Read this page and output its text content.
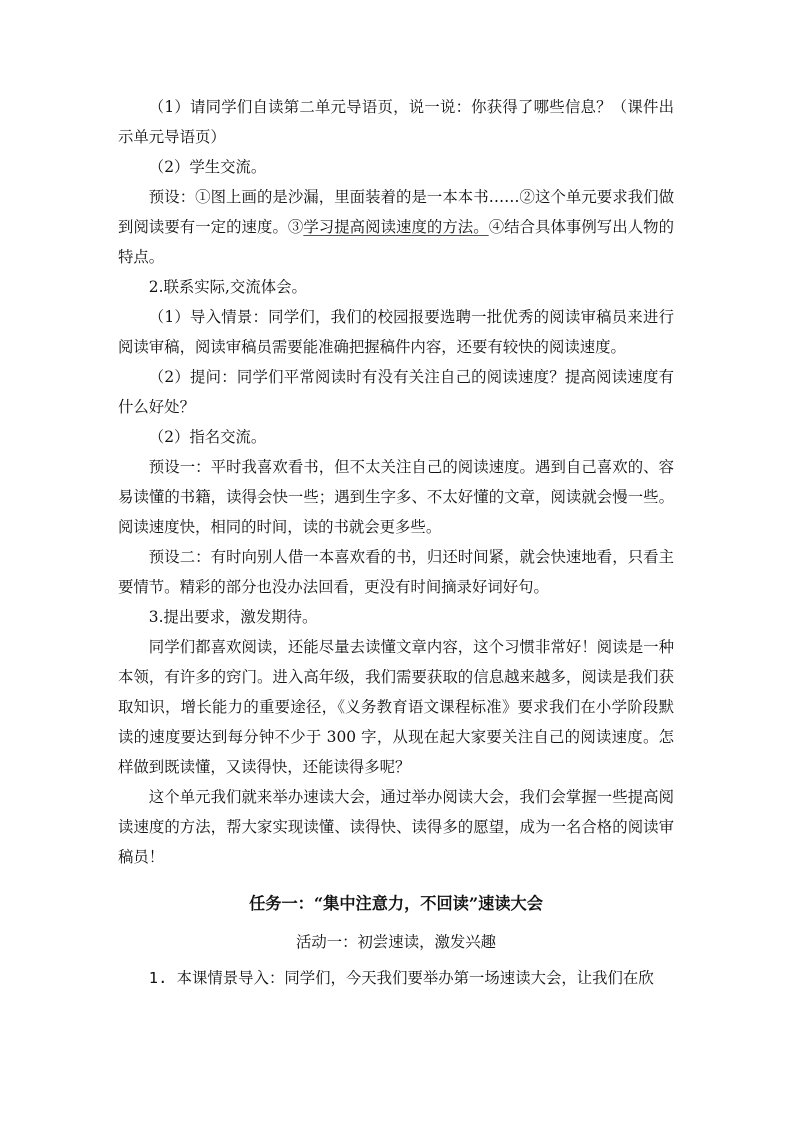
（1）请同学们自读第二单元导语页，说一说：你获得了哪些信息？（课件出示单元导语页）

（2）学生交流。

预设：①图上画的是沙漏，里面装着的是一本本书……②这个单元要求我们做到阅读要有一定的速度。③学习提高阅读速度的方法。④结合具体事例写出人物的特点。

2.联系实际,交流体会。

（1）导入情景：同学们，我们的校园报要选聘一批优秀的阅读审稿员来进行阅读审稿，阅读审稿员需要能准确把握稿件内容，还要有较快的阅读速度。

（2）提问：同学们平常阅读时有没有关注自己的阅读速度？提高阅读速度有什么好处？

（2）指名交流。

预设一：平时我喜欢看书，但不太关注自己的阅读速度。遇到自己喜欢的、容易读懂的书籍，读得会快一些；遇到生字多、不太好懂的文章，阅读就会慢一些。阅读速度快，相同的时间，读的书就会更多些。

预设二：有时向别人借一本喜欢看的书，归还时间紧，就会快速地看，只看主要情节。精彩的部分也没办法回看，更没有时间摘录好词好句。

3.提出要求，激发期待。

同学们都喜欢阅读，还能尽量去读懂文章内容，这个习惯非常好！阅读是一种本领，有许多的窍门。进入高年级，我们需要获取的信息越来越多，阅读是我们获取知识，增长能力的重要途径，《义务教育语文课程标准》要求我们在小学阶段默读的速度要达到每分钟不少于 300 字，从现在起大家要关注自己的阅读速度。怎样做到既读懂，又读得快，还能读得多呢？

这个单元我们就来举办速读大会，通过举办阅读大会，我们会掌握一些提高阅读速度的方法，帮大家实现读懂、读得快、读得多的愿望，成为一名合格的阅读审稿员！

任务一：“集中注意力，不回读”速读大会

活动一：初尝速读，激发兴趣

1. 本课情景导入：同学们，今天我们要举办第一场速读大会，让我们在欣
